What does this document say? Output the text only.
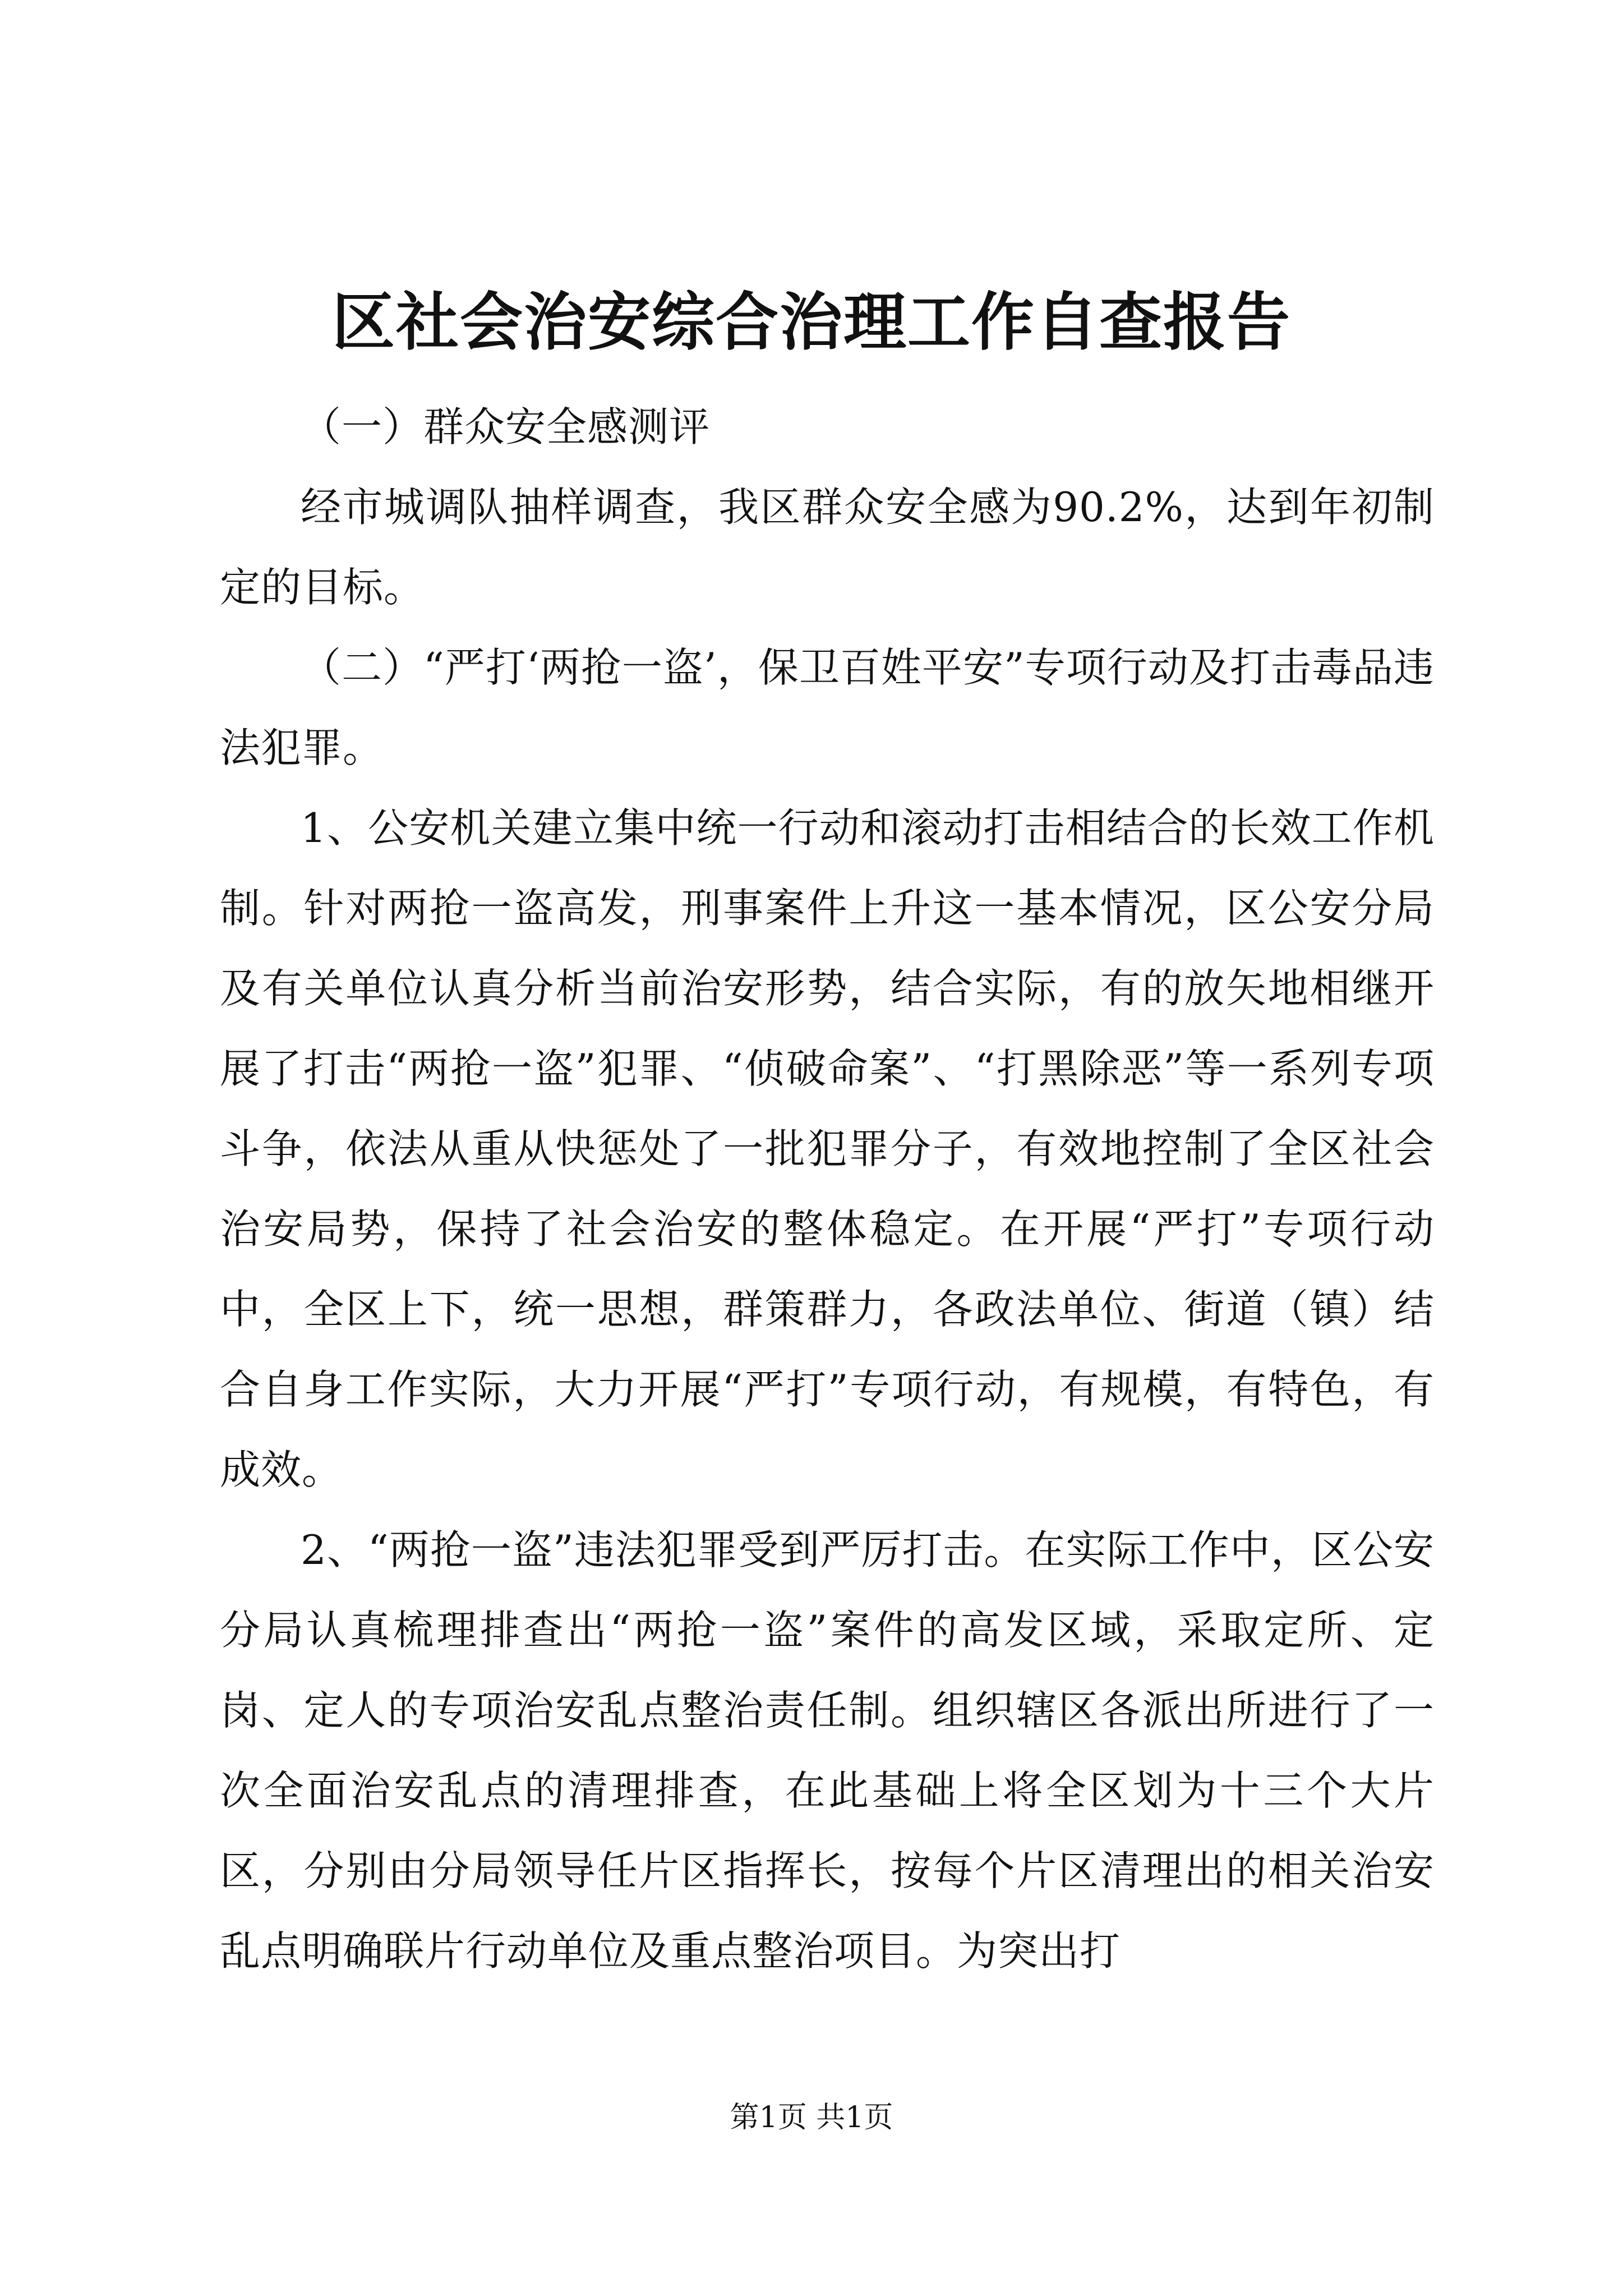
区社会治安综合治理工作自查报告

（一）群众安全感测评

经市城调队抽样调查，我区群众安全感为90.2%，达到年初制定的目标。

（二）“严打‘两抢一盗’，保卫百姓平安”专项行动及打击毒品违法犯罪。

1、公安机关建立集中统一行动和滚动打击相结合的长效工作机制。针对两抢一盗高发，刑事案件上升这一基本情况，区公安分局及有关单位认真分析当前治安形势，结合实际，有的放矢地相继开展了打击“两抢一盗”犯罪、“侦破命案”、“打黑除恶”等一系列专项斗争，依法从重从快惩处了一批犯罪分子，有效地控制了全区社会治安局势，保持了社会治安的整体稳定。在开展“严打”专项行动中，全区上下，统一思想，群策群力，各政法单位、街道（镇）结合自身工作实际，大力开展“严打”专项行动，有规模，有特色，有成效。

2、“两抢一盗”违法犯罪受到严厉打击。在实际工作中，区公安分局认真梳理排查出“两抢一盗”案件的高发区域，采取定所、定岗、定人的专项治安乱点整治责任制。组织辖区各派出所进行了一次全面治安乱点的清理排查，在此基础上将全区划为十三个大片区，分别由分局领导任片区指挥长，按每个片区清理出的相关治安乱点明确联片行动单位及重点整治项目。为突出打

第1页 共1页
